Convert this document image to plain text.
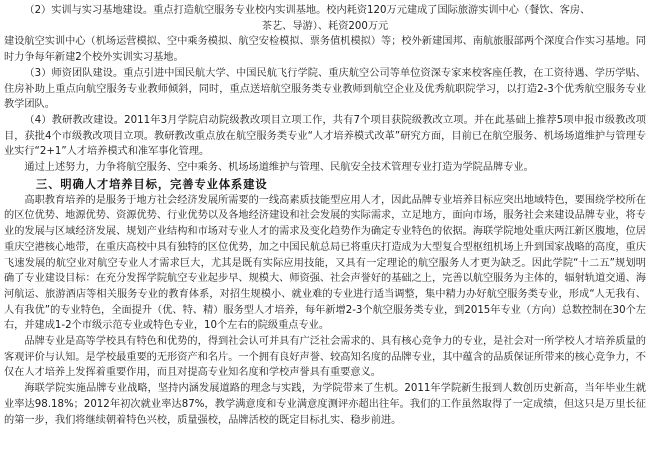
（2）实训与实习基地建设。重点打造航空服务专业校内实训基地。校内耗资120万元建成了国际旅游实训中心（餐饮、客房、

茶艺、导游）、耗资200万元

建设航空实训中心（机场运营模拟、空中乘务模拟、航空安检模拟、票务值机模拟）等；校外新建国邦、南航旅服部两个深度合作实习基地。同时力争每年新建2个校外实训实习基地。

（3）师资团队建设。重点引进中国民航大学、中国民航飞行学院、重庆航空公司等单位资深专家来校客座任教，在工资待遇、学历学贴、住房补助上重点向航空服务专业教师倾斜，同时，重点送培航空服务类专业教师到航空企业及优秀航职院学习，以打造2-3个优秀航空服务专业教学团队。

（4）教研教改建设。2011年3月学院启动院级教改项目立项工作，共有7个项目获院级教改立项。并在此基础上推荐5项申报市级教改项目，获批4个市级教改项目立项。教研教改重点放在航空服务类专业“人才培养模式改革”研究方面，目前已在航空服务、机场场道维护与管理专业实行“2+1”人才培养模式和准军事化管理。

通过上述努力，力争将航空服务、空中乘务、机场场道维护与管理、民航安全技术管理专业打造为学院品牌专业。

三、明确人才培养目标，完善专业体系建设

高职教育培养的是服务于地方社会经济发展所需要的一线高素质技能型应用人才，因此品牌专业培养目标应突出地域特色，要围绕学校所在的区位优势、地源优势、资源优势、行业优势以及各地经济建设和社会发展的实际需求，立足地方，面向市场，服务社会来建设品牌专业，将专业的发展与区域经济发展、规划产业结构和市场对专业人才的需求及变化趋势作为确定专业特色的依据。海联学院地处重庆两江新区腹地，位居重庆空港核心地带，在重庆高校中具有独特的区位优势，加之中国民航总局已将重庆打造成为大型复合型枢纽机场上升到国家战略的高度，重庆飞速发展的航空业对航空专业人才需求巨大，尤其是既有实际应用技能，又具有一定理论的航空服务人才更为缺乏。因此学院“十二五”规划明确了专业建设目标：在充分发挥学院航空专业起步早、规模大、师资强、社会声誉好的基础之上，完善以航空服务为主体的，辐射轨道交通、海河航运、旅游酒店等相关服务专业的教育体系，对招生规模小、就业难的专业进行适当调整，集中精力办好航空服务类专业，形成“人无我有、人有我优”的专业特色，全面提升（优、特、精）服务型人才培养，每年新增2-3个航空服务类专业，到2015年专业（方向）总数控制在30个左右，并建成1-2个市级示范专业或特色专业，10个左右的院级重点专业。

品牌专业是高等学校具有特色和优势的，得到社会认可并具有广泛社会需求的、具有核心竞争力的专业，是社会对一所学校人才培养质量的客观评价与认知。是学校最重要的无形资产和名片。一个拥有良好声誉、较高知名度的品牌专业，其中蕴含的品质保证所带来的核心竞争力，不仅在人才培养上发挥着重要作用，而且对提高专业知名度和学校声誉具有重要意义。

海联学院实施品牌专业战略，坚持内涵发展道路的理念与实践，为学院带来了生机。2011年学院新生报到人数创历史新高，当年毕业生就业率达98.18%；2012年初次就业率达87%，教学满意度和专业满意度测评亦超出往年。我们的工作虽然取得了一定成绩，但这只是万里长征的第一步，我们将继续朝着特色兴校，质量强校，品牌活校的既定目标扎实、稳步前进。
